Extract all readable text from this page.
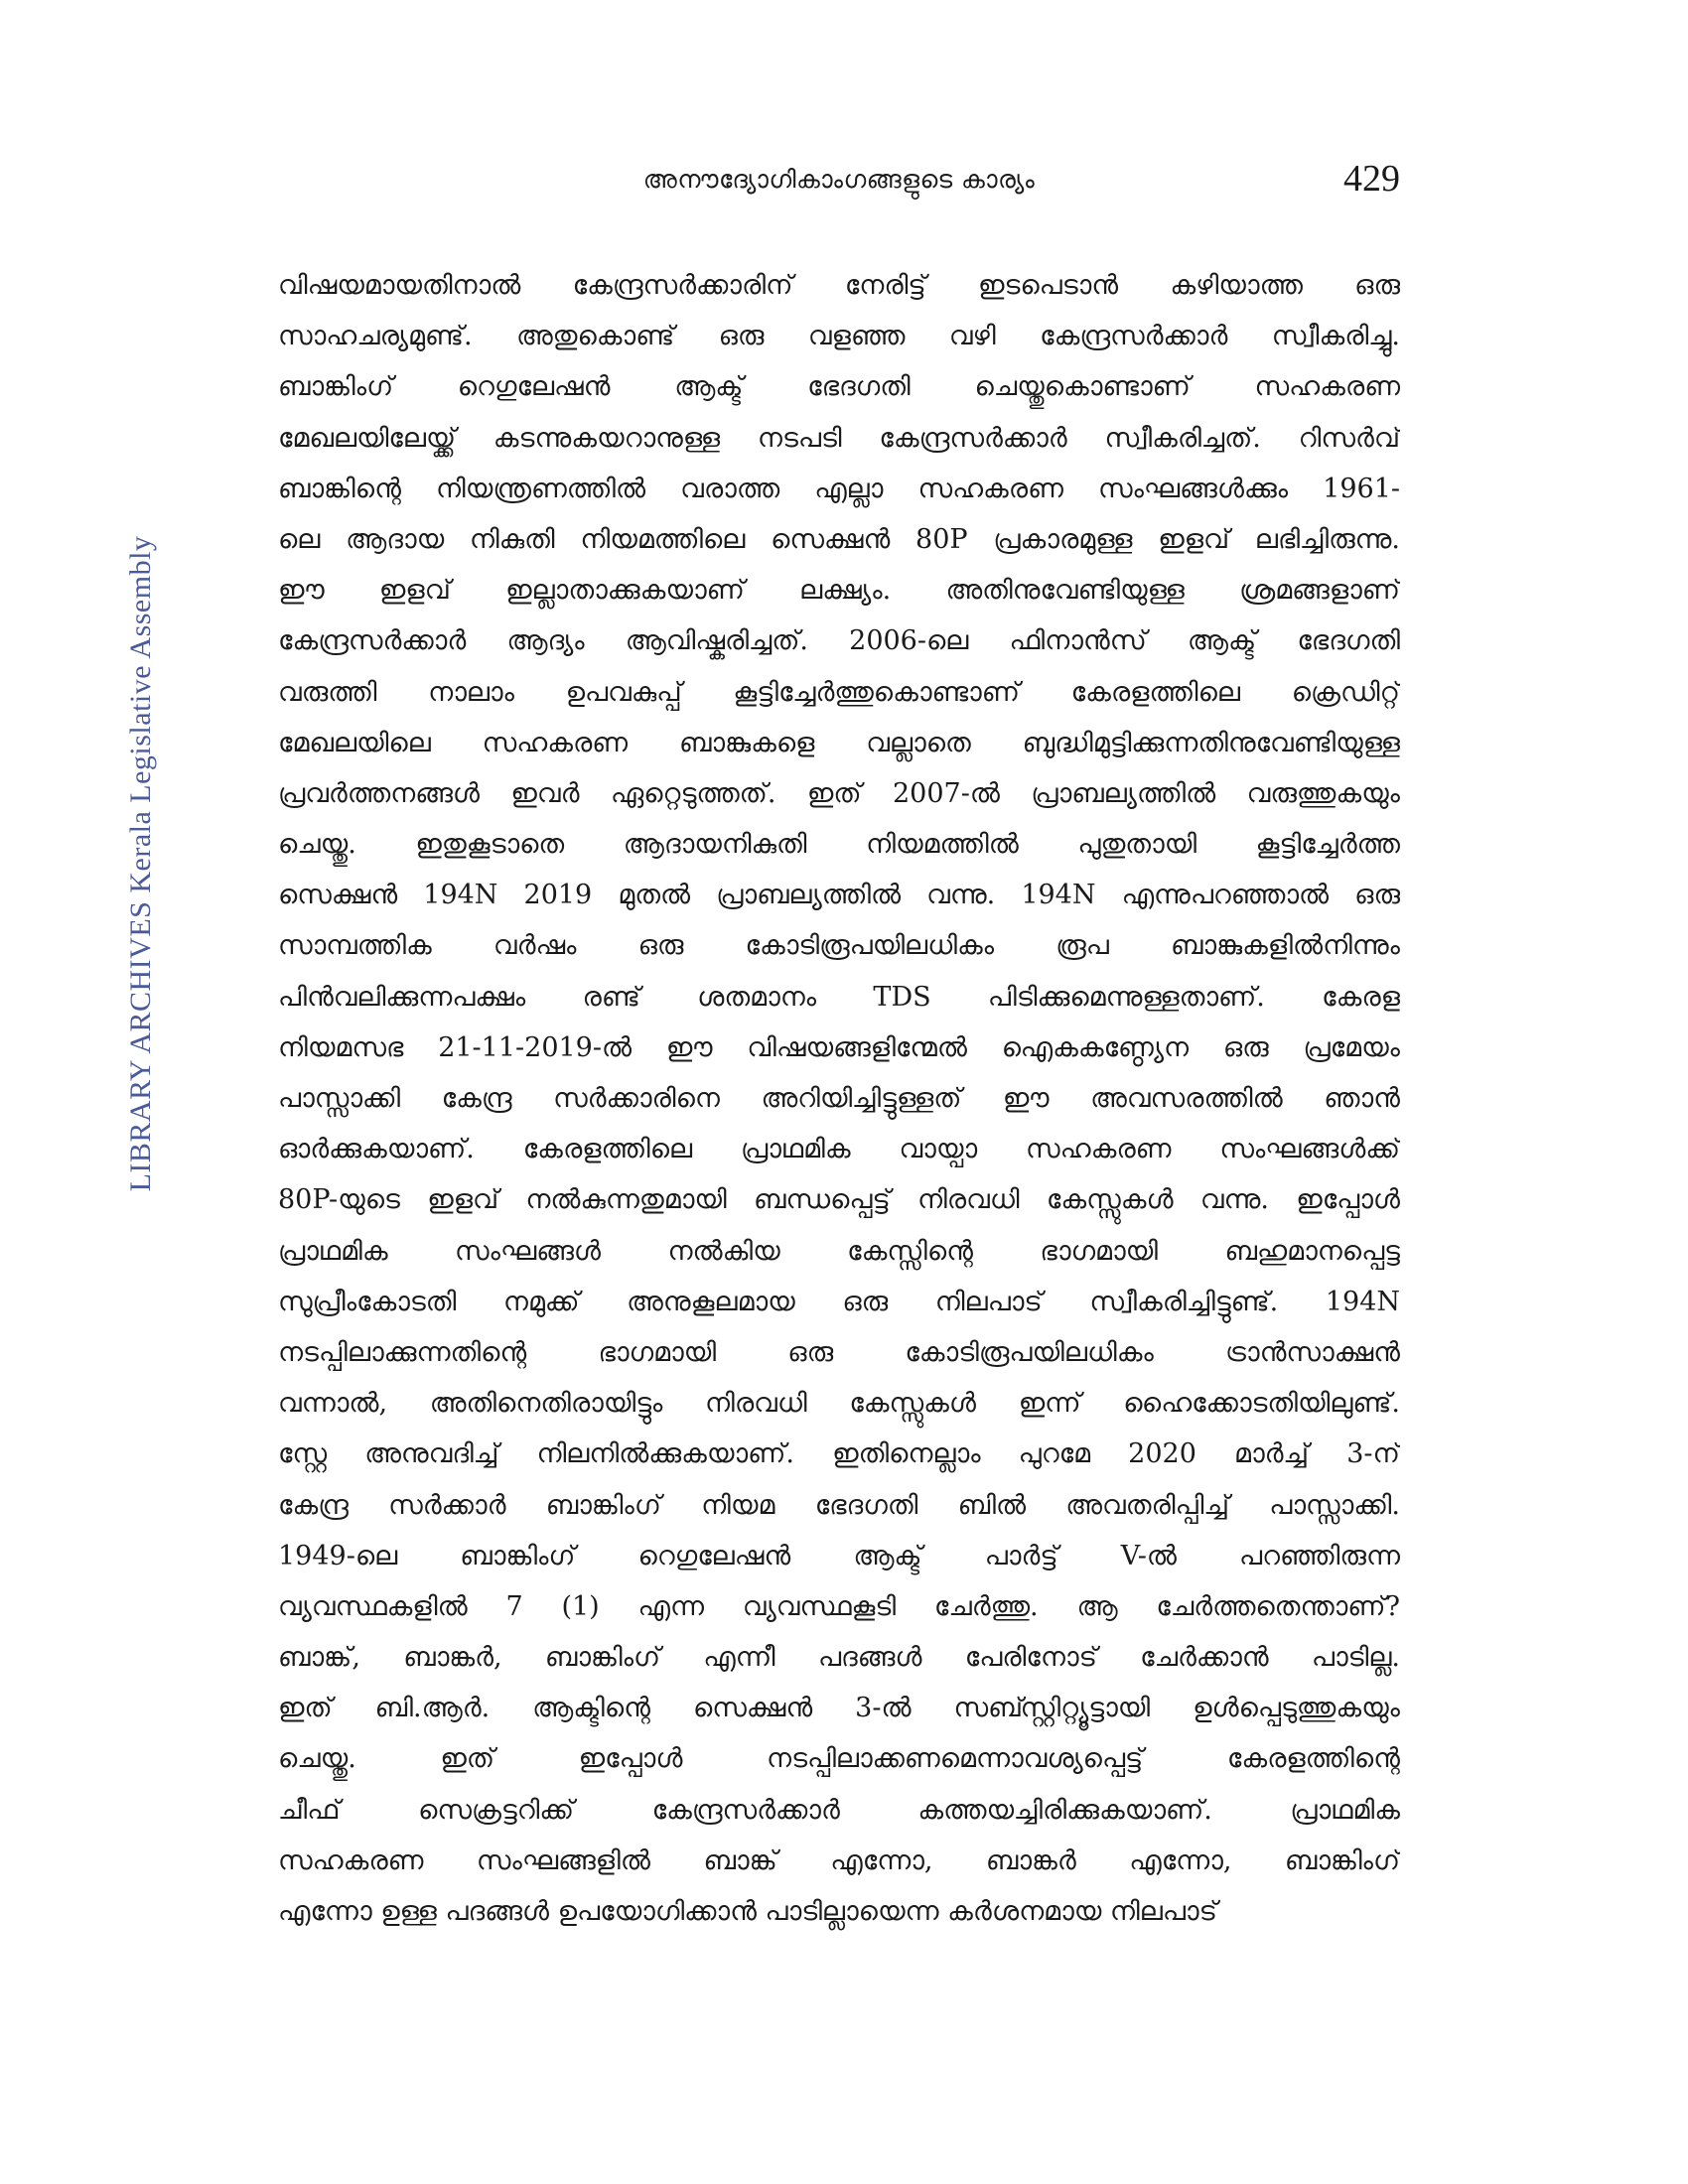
അനൗദ്യോഗികാംഗങ്ങളുടെ കാര്യം	429
LIBRARY ARCHIVES Kerala Legislative Assembly
വിഷയമായതിനാൽ കേന്ദ്രസർക്കാരിന് നേരിട്ട് ഇടപെടാൻ കഴിയാത്ത ഒരു
സാഹചര്യമുണ്ട്. അതുകൊണ്ട് ഒരു വളഞ്ഞ വഴി കേന്ദ്രസർക്കാർ സ്വീകരിച്ചു.
ബാങ്കിംഗ് റെഗുലേഷൻ ആക്ട് ഭേദഗതി ചെയ്തുകൊണ്ടാണ് സഹകരണ
മേഖലയിലേയ്ക്ക് കടന്നുകയറാനുള്ള നടപടി കേന്ദ്രസർക്കാർ സ്വീകരിച്ചത്. റിസർവ്
ബാങ്കിന്റെ നിയന്ത്രണത്തിൽ വരാത്ത എല്ലാ സഹകരണ സംഘങ്ങൾക്കും 1961-
ലെ ആദായ നികുതി നിയമത്തിലെ സെക്ഷൻ 80P പ്രകാരമുള്ള ഇളവ് ലഭിച്ചിരുന്നു.
ഈ ഇളവ് ഇല്ലാതാക്കുകയാണ് ലക്ഷ്യം. അതിനുവേണ്ടിയുള്ള ശ്രമങ്ങളാണ്
കേന്ദ്രസർക്കാർ ആദ്യം ആവിഷ്കരിച്ചത്. 2006-ലെ ഫിനാൻസ് ആക്ട് ഭേദഗതി
വരുത്തി നാലാം ഉപവകുപ്പ് കൂട്ടിച്ചേർത്തുകൊണ്ടാണ് കേരളത്തിലെ ക്രെഡിറ്റ്
മേഖലയിലെ സഹകരണ ബാങ്കുകളെ വല്ലാതെ ബുദ്ധിമുട്ടിക്കുന്നതിനുവേണ്ടിയുള്ള
പ്രവർത്തനങ്ങൾ ഇവർ ഏറ്റെടുത്തത്. ഇത് 2007-ൽ പ്രാബല്യത്തിൽ വരുത്തുകയും
ചെയ്തു. ഇതുകൂടാതെ ആദായനികുതി നിയമത്തിൽ പുതുതായി കൂട്ടിച്ചേർത്ത
സെക്ഷൻ 194N 2019 മുതൽ പ്രാബല്യത്തിൽ വന്നു. 194N എന്നുപറഞ്ഞാൽ ഒരു
സാമ്പത്തിക വർഷം ഒരു കോടിരൂപയിലധികം രൂപ ബാങ്കുകളിൽനിന്നും
പിൻവലിക്കുന്നപക്ഷം രണ്ട് ശതമാനം TDS പിടിക്കുമെന്നുള്ളതാണ്. കേരള
നിയമസഭ 21-11-2019-ൽ ഈ വിഷയങ്ങളിന്മേൽ ഐകകണ്ഠ്യേന ഒരു പ്രമേയം
പാസ്സാക്കി കേന്ദ്ര സർക്കാരിനെ അറിയിച്ചിട്ടുള്ളത് ഈ അവസരത്തിൽ ഞാൻ
ഓർക്കുകയാണ്. കേരളത്തിലെ പ്രാഥമിക വായ്പാ സഹകരണ സംഘങ്ങൾക്ക്
80P-യുടെ ഇളവ് നൽകുന്നതുമായി ബന്ധപ്പെട്ട് നിരവധി കേസ്സുകൾ വന്നു. ഇപ്പോൾ
പ്രാഥമിക സംഘങ്ങൾ നൽകിയ കേസ്സിന്റെ ഭാഗമായി ബഹുമാനപ്പെട്ട
സുപ്രീംകോടതി നമുക്ക് അനുകൂലമായ ഒരു നിലപാട് സ്വീകരിച്ചിട്ടുണ്ട്. 194N
നടപ്പിലാക്കുന്നതിന്റെ ഭാഗമായി ഒരു കോടിരൂപയിലധികം ട്രാൻസാക്ഷൻ
വന്നാൽ, അതിനെതിരായിട്ടും നിരവധി കേസ്സുകൾ ഇന്ന് ഹൈക്കോടതിയിലുണ്ട്.
സ്റ്റേ അനുവദിച്ച് നിലനിൽക്കുകയാണ്. ഇതിനെല്ലാം പുറമേ 2020 മാർച്ച് 3-ന്
കേന്ദ്ര സർക്കാർ ബാങ്കിംഗ് നിയമ ഭേദഗതി ബിൽ അവതരിപ്പിച്ച് പാസ്സാക്കി.
1949-ലെ ബാങ്കിംഗ് റെഗുലേഷൻ ആക്ട് പാർട്ട് V-ൽ പറഞ്ഞിരുന്ന
വ്യവസ്ഥകളിൽ 7 (1) എന്ന വ്യവസ്ഥകൂടി ചേർത്തു. ആ ചേർത്തതെന്താണ്?
ബാങ്ക്, ബാങ്കർ, ബാങ്കിംഗ് എന്നീ പദങ്ങൾ പേരിനോട് ചേർക്കാൻ പാടില്ല.
ഇത് ബി.ആർ. ആക്ടിന്റെ സെക്ഷൻ 3-ൽ സബ്സ്റ്റിറ്റ്യൂട്ടായി ഉൾപ്പെടുത്തുകയും
ചെയ്തു. ഇത് ഇപ്പോൾ നടപ്പിലാക്കണമെന്നാവശ്യപ്പെട്ട് കേരളത്തിന്റെ
ചീഫ് സെക്രട്ടറിക്ക് കേന്ദ്രസർക്കാർ കത്തയച്ചിരിക്കുകയാണ്. പ്രാഥമിക
സഹകരണ സംഘങ്ങളിൽ ബാങ്ക് എന്നോ, ബാങ്കർ എന്നോ, ബാങ്കിംഗ്
എന്നോ ഉള്ള പദങ്ങൾ ഉപയോഗിക്കാൻ പാടില്ലായെന്ന കർശനമായ നിലപാട്
